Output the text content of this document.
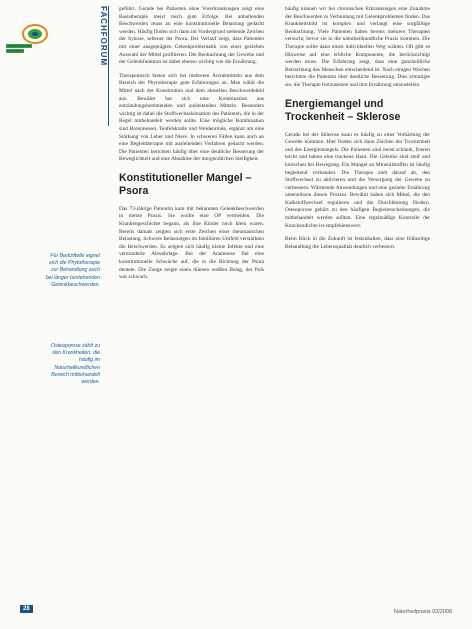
naturheilpraxis
fachforum	FACHFORUM
Für Bedürftelle eignet sich die Phytotherapie zur Behandlung auch bei länger bestehenden Gelenkbeschwerden.
Osteoporose zählt zu den Krankheiten, die häufig im Naturheilkundlichen Bereich mitbehandelt werden.

geführt. Gerade bei Patienten ohne Vorerkrankungen zeigt eine Basistherapie meist rasch gute Erfolge. Bei anhaltenden Beschwerden muss an eine konstitutionelle Belastung gedacht werden. Häufig finden sich dann im Vordergrund stehende Zeichen der Sykose, seltener der Psora. Der Verlauf zeigt, dass Patienten mit einer ausgeprägten Gelenkproblematik von einer gezielten Auswahl der Mittel profitieren. Die Beobachtung der Gewebe und der Gelenkfunktion ist dabei ebenso wichtig wie die Ernährung.

Therapeutisch bieten sich bei mehreren Arzneimitteln aus dem Bereich der Phytotherapie gute Erfahrungen an. Man wählt die Mittel nach der Konstitution und dem aktuellen Beschwerdebild aus. Bewährt hat sich eine Kombination aus entzündungshemmenden und ausleitenden Mitteln. Besonders wichtig ist dabei die Stoffwechselsituation des Patienten, die in der Regel mitbehandelt werden sollte. Eine mögliche Kombination sind Brennnessel, Teufelskralle und Weidenrinde, ergänzt um eine Stärkung von Leber und Niere. In schweren Fällen kann auch an eine Begleittherapie mit ausleitenden Verfahren gedacht werden. Die Patienten berichten häufig über eine deutliche Besserung der Beweglichkeit und eine Abnahme der morgendlichen Steifigkeit.

Konstitutioneller Mangel – Psora

Das 73-jährige Patientin kam mit bekannten Gelenkbeschwerden in meine Praxis. Sie wollte eine OP vermeiden. Die Krankengeschichte begann, als ihre Kinder noch klein waren. Bereits damals zeigten sich erste Zeichen einer rheumatischen Belastung. Schwere Belastungen im familiären Umfeld verstärkten die Beschwerden. Es zeigten sich häufig kleine Infekte und eine verminderte Abwehrlage. Bei der Anamnese fiel eine konstitutionelle Schwäche auf, die in die Richtung der Psora deutete. Die Zunge zeigte einen dünnen weißen Belag, der Puls war schwach.

häufig können wir bei chronischen Erkrankungen eine Zunahme der Beschwerden in Verbindung mit Gelenkproblemen finden. Das Krankheitsbild ist komplex und verlangt eine sorgfältige Beobachtung. Viele Patienten haben bereits mehrere Therapien versucht, bevor sie in die naturheilkundliche Praxis kommen. Die Therapie sollte dann einen individuellen Weg wählen. Oft gibt es Hinweise auf eine erbliche Komponente, die berücksichtigt werden muss. Die Erfahrung zeigt, dass eine ganzheitliche Betrachtung des Menschen entscheidend ist. Nach einigen Wochen berichtete die Patientin über deutliche Besserung. Dies ermutigte sie, die Therapie fortzusetzen und ihre Ernährung umzustellen.

Energiemangel und Trockenheit – Sklerose

Gerade bei der Sklerose kann es häufig zu einer Verhärtung der Gewebe kommen. Hier finden sich dann Zeichen der Trockenheit und des Energiemangels. Die Patienten sind meist schlank, frieren leicht und haben eine trockene Haut. Die Gelenke sind steif und knirschen bei Bewegung. Ein Mangel an Mineralstoffen ist häufig begleitend vorhanden. Die Therapie zielt darauf ab, den Stoffwechsel zu aktivieren und die Versorgung der Gewebe zu verbessern. Wärmende Anwendungen und eine gezielte Ernährung unterstützen diesen Prozess. Bewährt haben sich Mittel, die den Kalkstoffwechsel regulieren und die Durchblutung fördern. Osteoporose gehört zu den häufigen Begleiterscheinungen, die mitbehandelt werden sollten. Eine regelmäßige Kontrolle der Knochendichte ist empfehlenswert.

Beim Blick in die Zukunft ist festzuhalten, dass eine frühzeitige Behandlung die Lebensqualität deutlich verbessert.

28	Naturheilpraxis 03/2008
